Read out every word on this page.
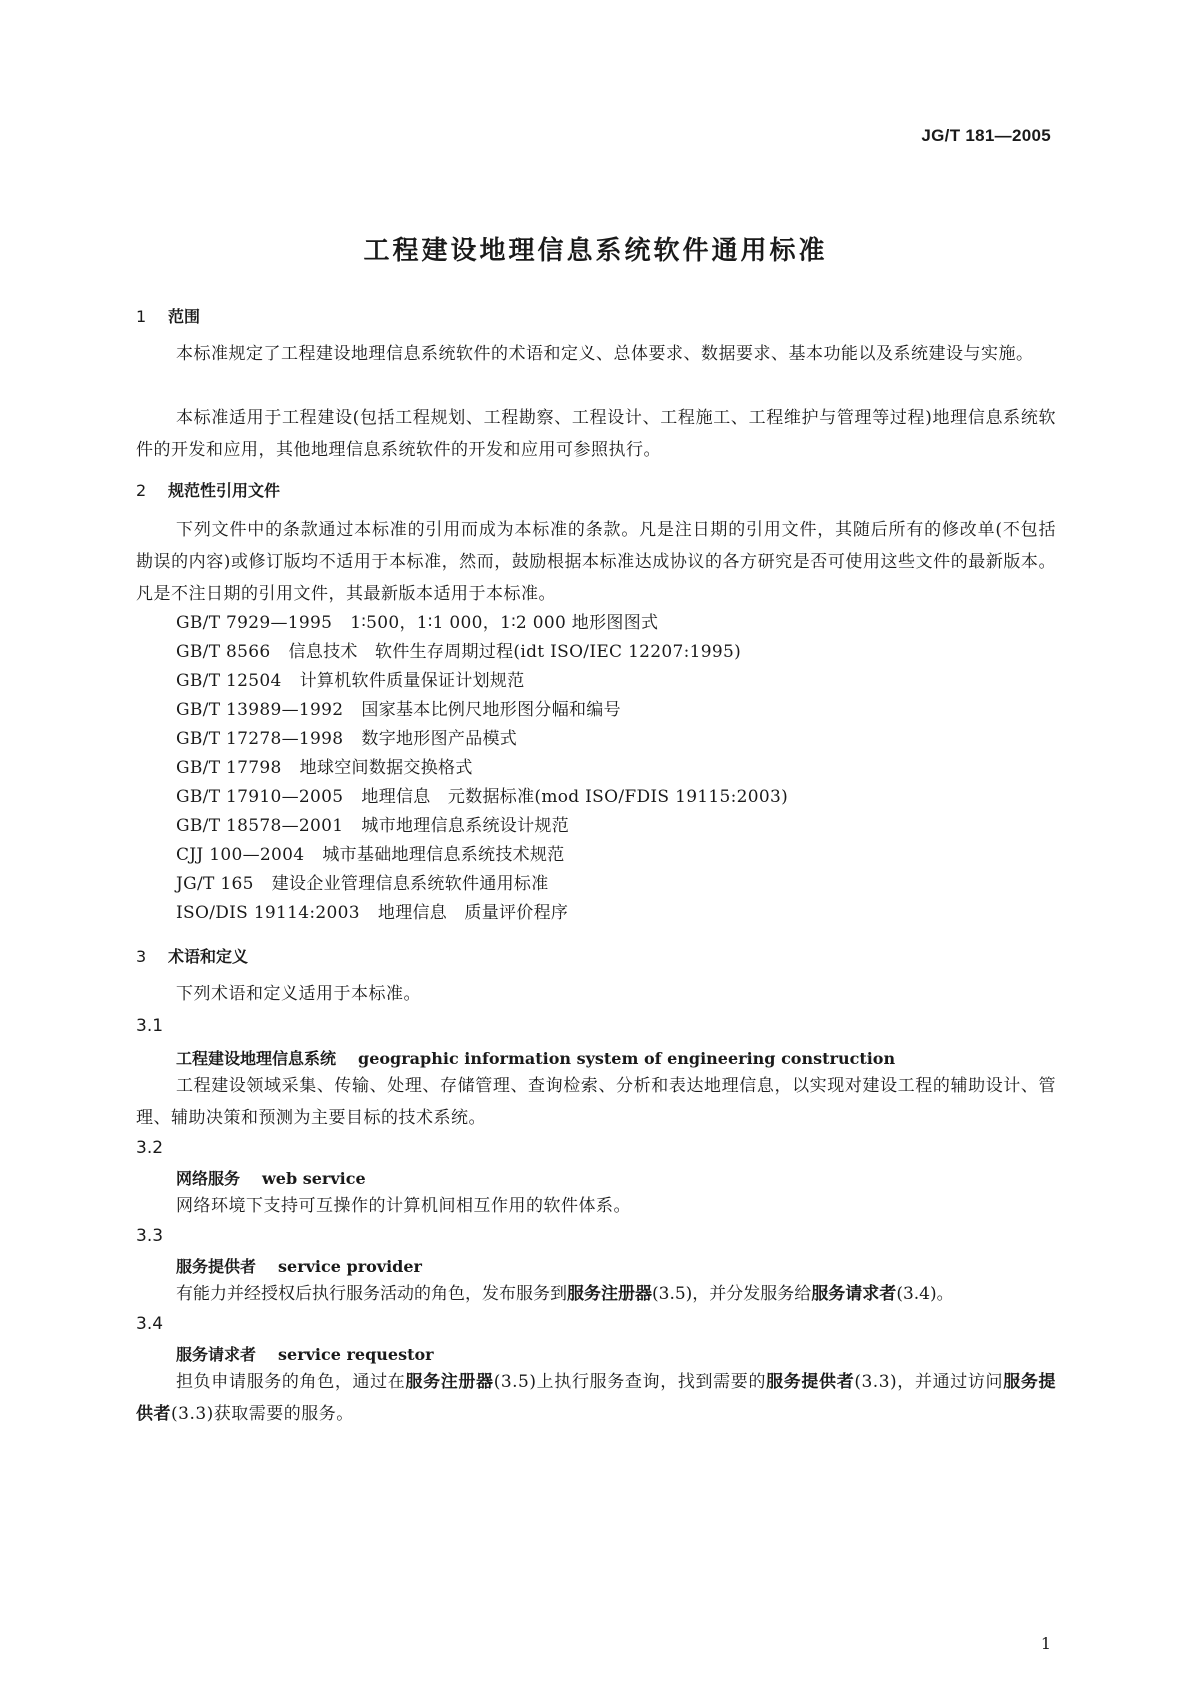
JG/T 181—2005
工程建设地理信息系统软件通用标准
1 范围
本标准规定了工程建设地理信息系统软件的术语和定义、总体要求、数据要求、基本功能以及系统建设与实施。
本标准适用于工程建设(包括工程规划、工程勘察、工程设计、工程施工、工程维护与管理等过程)地理信息系统软件的开发和应用，其他地理信息系统软件的开发和应用可参照执行。
2 规范性引用文件
下列文件中的条款通过本标准的引用而成为本标准的条款。凡是注日期的引用文件，其随后所有的修改单(不包括勘误的内容)或修订版均不适用于本标准，然而，鼓励根据本标准达成协议的各方研究是否可使用这些文件的最新版本。凡是不注日期的引用文件，其最新版本适用于本标准。
GB/T 7929—1995 1∶500，1∶1 000，1∶2 000 地形图图式
GB/T 8566 信息技术　软件生存周期过程(idt ISO/IEC 12207:1995)
GB/T 12504 计算机软件质量保证计划规范
GB/T 13989—1992 国家基本比例尺地形图分幅和编号
GB/T 17278—1998 数字地形图产品模式
GB/T 17798 地球空间数据交换格式
GB/T 17910—2005 地理信息　元数据标准(mod ISO/FDIS 19115:2003)
GB/T 18578—2001 城市地理信息系统设计规范
CJJ 100—2004 城市基础地理信息系统技术规范
JG/T 165 建设企业管理信息系统软件通用标准
ISO/DIS 19114:2003 地理信息　质量评价程序
3 术语和定义
下列术语和定义适用于本标准。
3.1
工程建设地理信息系统 geographic information system of engineering construction
工程建设领域采集、传输、处理、存储管理、查询检索、分析和表达地理信息，以实现对建设工程的辅助设计、管理、辅助决策和预测为主要目标的技术系统。
3.2
网络服务 web service
网络环境下支持可互操作的计算机间相互作用的软件体系。
3.3
服务提供者 service provider
有能力并经授权后执行服务活动的角色，发布服务到服务注册器(3.5)，并分发服务给服务请求者(3.4)。
3.4
服务请求者 service requestor
担负申请服务的角色，通过在服务注册器(3.5)上执行服务查询，找到需要的服务提供者(3.3)，并通过访问服务提供者(3.3)获取需要的服务。
1
